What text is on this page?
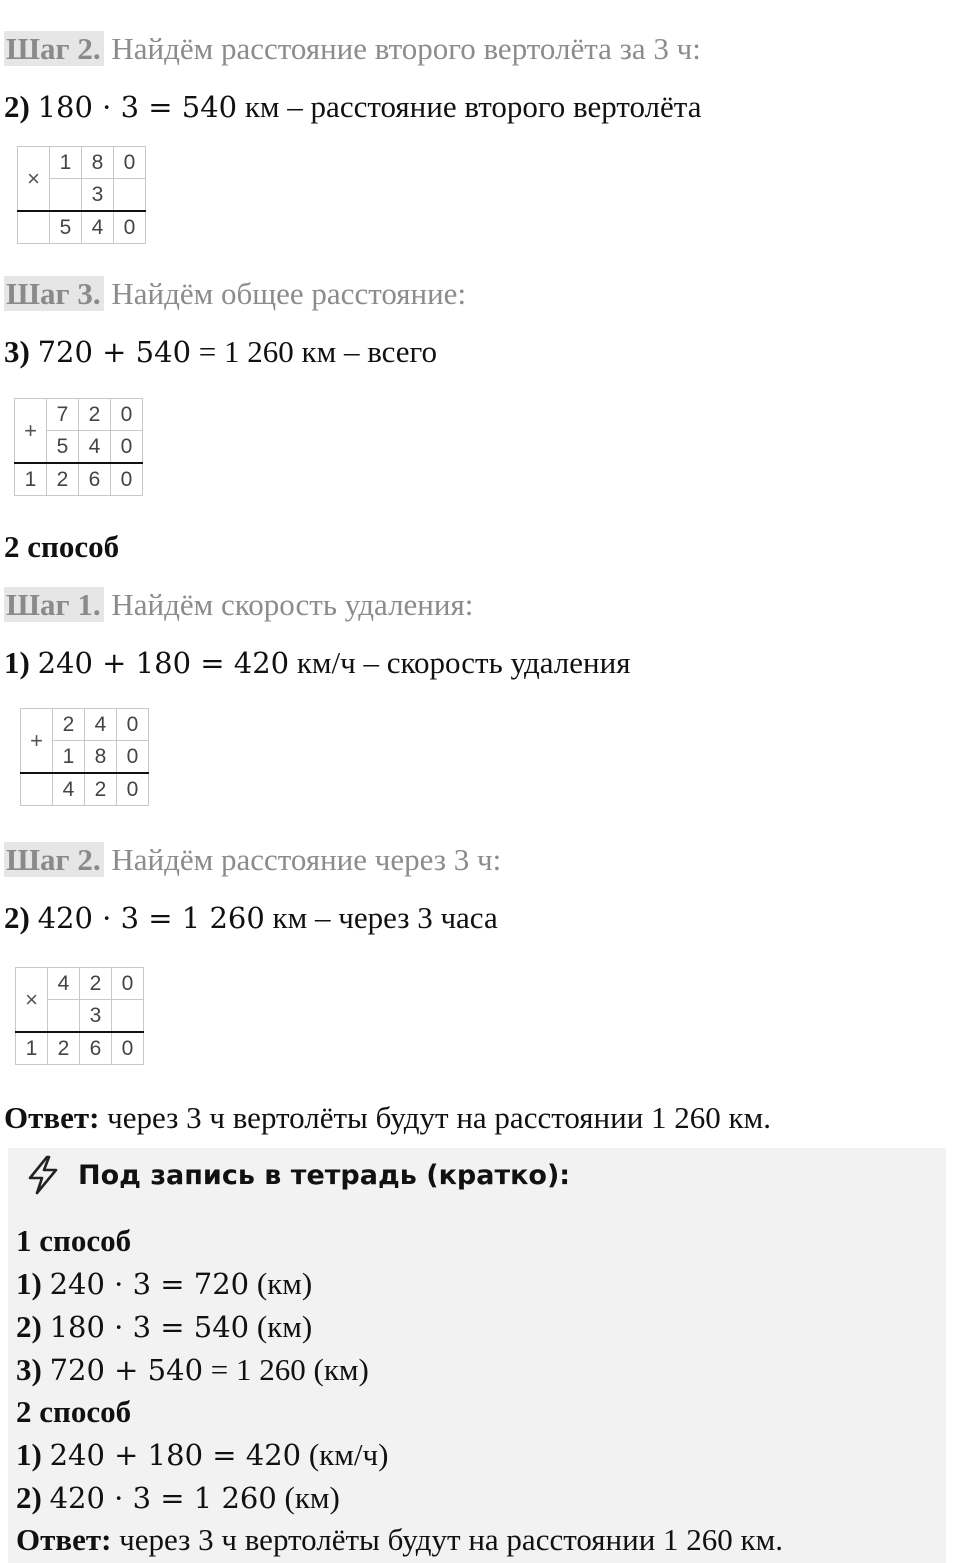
Шаг 2. Найдём расстояние второго вертолёта за 3 ч:
2) 180 · 3 = 540 км – расстояние второго вертолёта
×	1	8	0
		3	
	5	4	0
Шаг 3. Найдём общее расстояние:
3) 720 + 540 = 1 260 км – всего
+	7	2	0
	5	4	0
1	2	6	0
2 способ
Шаг 1. Найдём скорость удаления:
1) 240 + 180 = 420 км/ч – скорость удаления
+	2	4	0
	1	8	0
	4	2	0
Шаг 2. Найдём расстояние через 3 ч:
2) 420 · 3 = 1 260 км – через 3 часа
×	4	2	0
		3	
1	2	6	0
Ответ: через 3 ч вертолёты будут на расстоянии 1 260 км.
Под запись в тетрадь (кратко):
1 способ
1) 240 · 3 = 720 (км)
2) 180 · 3 = 540 (км)
3) 720 + 540 = 1 260 (км)
2 способ
1) 240 + 180 = 420 (км/ч)
2) 420 · 3 = 1 260 (км)
Ответ: через 3 ч вертолёты будут на расстоянии 1 260 км.
